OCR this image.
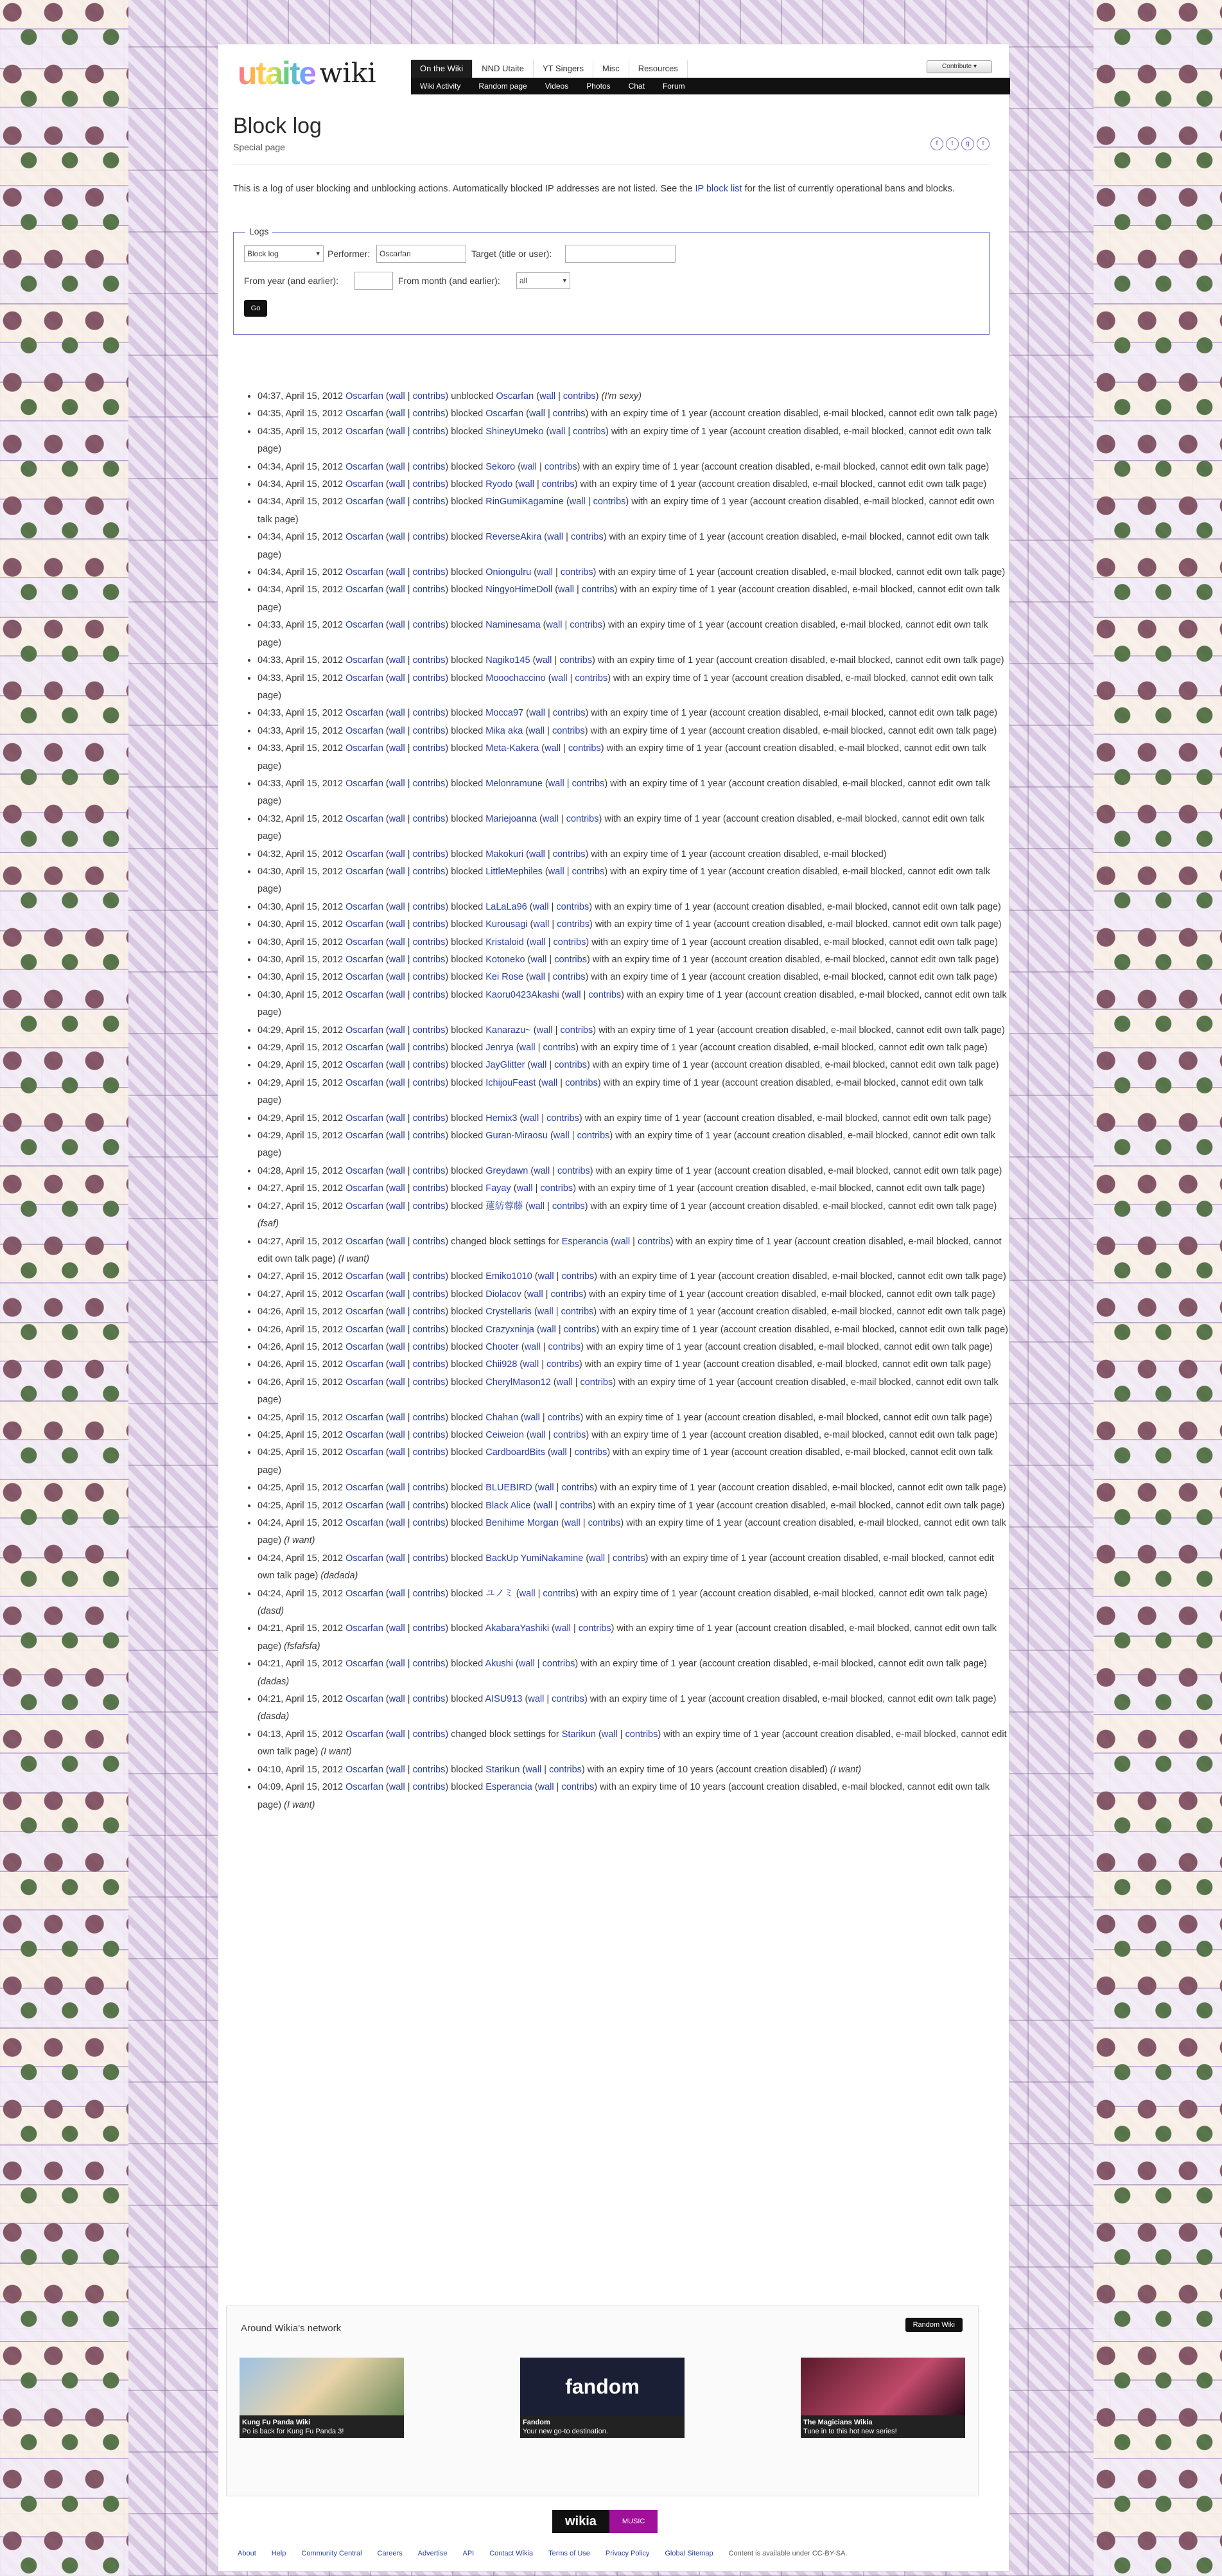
utaite wiki	On the Wiki	NND Utaite	YT Singers	Misc	Resources
Wiki Activity	Random page	Videos	Photos	Chat	Forum
Contribute ▾
Block log
Special page	f	t	g	t
This is a log of user blocking and unblocking actions. Automatically blocked IP addresses are not listed. See the IP block list for the list of currently operational bans and blocks.
Logs
Block log ▾	Performer:	Oscarfan	Target (title or user):
From year (and earlier):	From month (and earlier):	all ▾
Go
• 04:37, April 15, 2012 Oscarfan (wall | contribs) unblocked Oscarfan (wall | contribs) (I'm sexy)
• 04:35, April 15, 2012 Oscarfan (wall | contribs) blocked Oscarfan (wall | contribs) with an expiry time of 1 year (account creation disabled, e-mail blocked, cannot edit own talk page)
• 04:35, April 15, 2012 Oscarfan (wall | contribs) blocked ShineyUmeko (wall | contribs) with an expiry time of 1 year (account creation disabled, e-mail blocked, cannot edit own talk page)
• 04:34, April 15, 2012 Oscarfan (wall | contribs) blocked Sekoro (wall | contribs) with an expiry time of 1 year (account creation disabled, e-mail blocked, cannot edit own talk page)
• 04:34, April 15, 2012 Oscarfan (wall | contribs) blocked Ryodo (wall | contribs) with an expiry time of 1 year (account creation disabled, e-mail blocked, cannot edit own talk page)
• 04:34, April 15, 2012 Oscarfan (wall | contribs) blocked RinGumiKagamine (wall | contribs) with an expiry time of 1 year (account creation disabled, e-mail blocked, cannot edit own talk page)
• 04:34, April 15, 2012 Oscarfan (wall | contribs) blocked ReverseAkira (wall | contribs) with an expiry time of 1 year (account creation disabled, e-mail blocked, cannot edit own talk page)
• 04:34, April 15, 2012 Oscarfan (wall | contribs) blocked Oniongulru (wall | contribs) with an expiry time of 1 year (account creation disabled, e-mail blocked, cannot edit own talk page)
• 04:34, April 15, 2012 Oscarfan (wall | contribs) blocked NingyoHimeDoll (wall | contribs) with an expiry time of 1 year (account creation disabled, e-mail blocked, cannot edit own talk page)
• 04:33, April 15, 2012 Oscarfan (wall | contribs) blocked Naminesama (wall | contribs) with an expiry time of 1 year (account creation disabled, e-mail blocked, cannot edit own talk page)
• 04:33, April 15, 2012 Oscarfan (wall | contribs) blocked Nagiko145 (wall | contribs) with an expiry time of 1 year (account creation disabled, e-mail blocked, cannot edit own talk page)
• 04:33, April 15, 2012 Oscarfan (wall | contribs) blocked Mooochaccino (wall | contribs) with an expiry time of 1 year (account creation disabled, e-mail blocked, cannot edit own talk page)
• 04:33, April 15, 2012 Oscarfan (wall | contribs) blocked Mocca97 (wall | contribs) with an expiry time of 1 year (account creation disabled, e-mail blocked, cannot edit own talk page)
• 04:33, April 15, 2012 Oscarfan (wall | contribs) blocked Mika aka (wall | contribs) with an expiry time of 1 year (account creation disabled, e-mail blocked, cannot edit own talk page)
• 04:33, April 15, 2012 Oscarfan (wall | contribs) blocked Meta-Kakera (wall | contribs) with an expiry time of 1 year (account creation disabled, e-mail blocked, cannot edit own talk page)
• 04:33, April 15, 2012 Oscarfan (wall | contribs) blocked Melonramune (wall | contribs) with an expiry time of 1 year (account creation disabled, e-mail blocked, cannot edit own talk page)
• 04:32, April 15, 2012 Oscarfan (wall | contribs) blocked Mariejoanna (wall | contribs) with an expiry time of 1 year (account creation disabled, e-mail blocked, cannot edit own talk page)
• 04:32, April 15, 2012 Oscarfan (wall | contribs) blocked Makokuri (wall | contribs) with an expiry time of 1 year (account creation disabled, e-mail blocked)
• 04:30, April 15, 2012 Oscarfan (wall | contribs) blocked LittleMephiles (wall | contribs) with an expiry time of 1 year (account creation disabled, e-mail blocked, cannot edit own talk page)
• 04:30, April 15, 2012 Oscarfan (wall | contribs) blocked LaLaLa96 (wall | contribs) with an expiry time of 1 year (account creation disabled, e-mail blocked, cannot edit own talk page)
• 04:30, April 15, 2012 Oscarfan (wall | contribs) blocked Kurousagi (wall | contribs) with an expiry time of 1 year (account creation disabled, e-mail blocked, cannot edit own talk page)
• 04:30, April 15, 2012 Oscarfan (wall | contribs) blocked Kristaloid (wall | contribs) with an expiry time of 1 year (account creation disabled, e-mail blocked, cannot edit own talk page)
• 04:30, April 15, 2012 Oscarfan (wall | contribs) blocked Kotoneko (wall | contribs) with an expiry time of 1 year (account creation disabled, e-mail blocked, cannot edit own talk page)
• 04:30, April 15, 2012 Oscarfan (wall | contribs) blocked Kei Rose (wall | contribs) with an expiry time of 1 year (account creation disabled, e-mail blocked, cannot edit own talk page)
• 04:30, April 15, 2012 Oscarfan (wall | contribs) blocked Kaoru0423Akashi (wall | contribs) with an expiry time of 1 year (account creation disabled, e-mail blocked, cannot edit own talk page)
• 04:29, April 15, 2012 Oscarfan (wall | contribs) blocked Kanarazu~ (wall | contribs) with an expiry time of 1 year (account creation disabled, e-mail blocked, cannot edit own talk page)
• 04:29, April 15, 2012 Oscarfan (wall | contribs) blocked Jenrya (wall | contribs) with an expiry time of 1 year (account creation disabled, e-mail blocked, cannot edit own talk page)
• 04:29, April 15, 2012 Oscarfan (wall | contribs) blocked JayGlitter (wall | contribs) with an expiry time of 1 year (account creation disabled, e-mail blocked, cannot edit own talk page)
• 04:29, April 15, 2012 Oscarfan (wall | contribs) blocked IchijouFeast (wall | contribs) with an expiry time of 1 year (account creation disabled, e-mail blocked, cannot edit own talk page)
• 04:29, April 15, 2012 Oscarfan (wall | contribs) blocked Hemix3 (wall | contribs) with an expiry time of 1 year (account creation disabled, e-mail blocked, cannot edit own talk page)
• 04:29, April 15, 2012 Oscarfan (wall | contribs) blocked Guran-Miraosu (wall | contribs) with an expiry time of 1 year (account creation disabled, e-mail blocked, cannot edit own talk page)
• 04:28, April 15, 2012 Oscarfan (wall | contribs) blocked Greydawn (wall | contribs) with an expiry time of 1 year (account creation disabled, e-mail blocked, cannot edit own talk page)
• 04:27, April 15, 2012 Oscarfan (wall | contribs) blocked Fayay (wall | contribs) with an expiry time of 1 year (account creation disabled, e-mail blocked, cannot edit own talk page)
• 04:27, April 15, 2012 Oscarfan (wall | contribs) blocked 蓮紡蓉藤 (wall | contribs) with an expiry time of 1 year (account creation disabled, e-mail blocked, cannot edit own talk page) (fsaf)
• 04:27, April 15, 2012 Oscarfan (wall | contribs) changed block settings for Esperancia (wall | contribs) with an expiry time of 1 year (account creation disabled, e-mail blocked, cannot edit own talk page) (I want)
• 04:27, April 15, 2012 Oscarfan (wall | contribs) blocked Emiko1010 (wall | contribs) with an expiry time of 1 year (account creation disabled, e-mail blocked, cannot edit own talk page)
• 04:27, April 15, 2012 Oscarfan (wall | contribs) blocked Diolacov (wall | contribs) with an expiry time of 1 year (account creation disabled, e-mail blocked, cannot edit own talk page)
• 04:26, April 15, 2012 Oscarfan (wall | contribs) blocked Crystellaris (wall | contribs) with an expiry time of 1 year (account creation disabled, e-mail blocked, cannot edit own talk page)
• 04:26, April 15, 2012 Oscarfan (wall | contribs) blocked Crazyxninja (wall | contribs) with an expiry time of 1 year (account creation disabled, e-mail blocked, cannot edit own talk page)
• 04:26, April 15, 2012 Oscarfan (wall | contribs) blocked Chooter (wall | contribs) with an expiry time of 1 year (account creation disabled, e-mail blocked, cannot edit own talk page)
• 04:26, April 15, 2012 Oscarfan (wall | contribs) blocked Chii928 (wall | contribs) with an expiry time of 1 year (account creation disabled, e-mail blocked, cannot edit own talk page)
• 04:26, April 15, 2012 Oscarfan (wall | contribs) blocked CherylMason12 (wall | contribs) with an expiry time of 1 year (account creation disabled, e-mail blocked, cannot edit own talk page)
• 04:25, April 15, 2012 Oscarfan (wall | contribs) blocked Chahan (wall | contribs) with an expiry time of 1 year (account creation disabled, e-mail blocked, cannot edit own talk page)
• 04:25, April 15, 2012 Oscarfan (wall | contribs) blocked Ceiweion (wall | contribs) with an expiry time of 1 year (account creation disabled, e-mail blocked, cannot edit own talk page)
• 04:25, April 15, 2012 Oscarfan (wall | contribs) blocked CardboardBits (wall | contribs) with an expiry time of 1 year (account creation disabled, e-mail blocked, cannot edit own talk page)
• 04:25, April 15, 2012 Oscarfan (wall | contribs) blocked BLUEBIRD (wall | contribs) with an expiry time of 1 year (account creation disabled, e-mail blocked, cannot edit own talk page)
• 04:25, April 15, 2012 Oscarfan (wall | contribs) blocked Black Alice (wall | contribs) with an expiry time of 1 year (account creation disabled, e-mail blocked, cannot edit own talk page)
• 04:24, April 15, 2012 Oscarfan (wall | contribs) blocked Benihime Morgan (wall | contribs) with an expiry time of 1 year (account creation disabled, e-mail blocked, cannot edit own talk page) (I want)
• 04:24, April 15, 2012 Oscarfan (wall | contribs) blocked BackUp YumiNakamine (wall | contribs) with an expiry time of 1 year (account creation disabled, e-mail blocked, cannot edit own talk page) (dadada)
• 04:24, April 15, 2012 Oscarfan (wall | contribs) blocked ユノミ (wall | contribs) with an expiry time of 1 year (account creation disabled, e-mail blocked, cannot edit own talk page) (dasd)
• 04:21, April 15, 2012 Oscarfan (wall | contribs) blocked AkabaraYashiki (wall | contribs) with an expiry time of 1 year (account creation disabled, e-mail blocked, cannot edit own talk page) (fsfafsfa)
• 04:21, April 15, 2012 Oscarfan (wall | contribs) blocked Akushi (wall | contribs) with an expiry time of 1 year (account creation disabled, e-mail blocked, cannot edit own talk page) (dadas)
• 04:21, April 15, 2012 Oscarfan (wall | contribs) blocked AISU913 (wall | contribs) with an expiry time of 1 year (account creation disabled, e-mail blocked, cannot edit own talk page) (dasda)
• 04:13, April 15, 2012 Oscarfan (wall | contribs) changed block settings for Starikun (wall | contribs) with an expiry time of 1 year (account creation disabled, e-mail blocked, cannot edit own talk page) (I want)
• 04:10, April 15, 2012 Oscarfan (wall | contribs) blocked Starikun (wall | contribs) with an expiry time of 10 years (account creation disabled) (I want)
• 04:09, April 15, 2012 Oscarfan (wall | contribs) blocked Esperancia (wall | contribs) with an expiry time of 10 years (account creation disabled, e-mail blocked, cannot edit own talk page) (I want)
Around Wikia's network	Random Wiki
Kung Fu Panda Wiki
Po is back for Kung Fu Panda 3!
fandom
Fandom
Your new go-to destination.
The Magicians Wikia
Tune in to this hot new series!
wikia	MUSIC
About Help Community Central Careers Advertise API Contact Wikia Terms of Use Privacy Policy Global Sitemap Content is available under CC-BY-SA.
